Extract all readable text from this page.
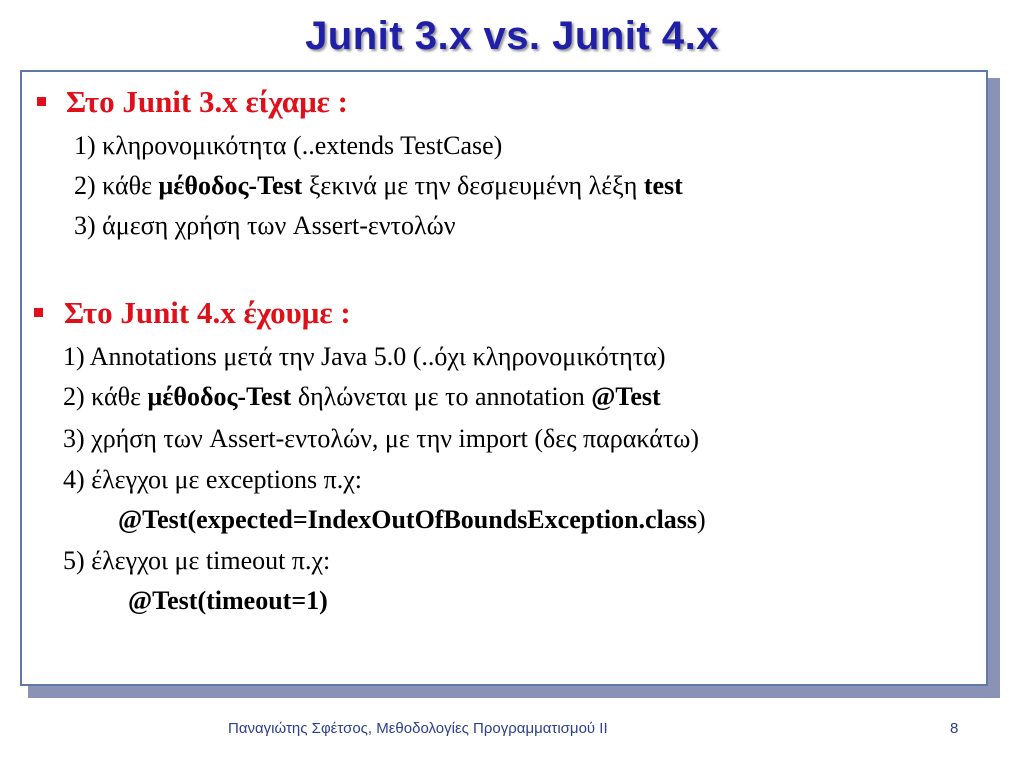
Junit 3.x vs. Junit 4.x
Στο Junit 3.x είχαμε :
1) κληρονομικότητα (..extends TestCase)
2) κάθε μέθοδος-Test ξεκινά με την δεσμευμένη λέξη test
3) άμεση χρήση των Assert-εντολών
Στο Junit 4.x έχουμε :
1) Annotations μετά την Java 5.0 (..όχι κληρονομικότητα)
2) κάθε μέθοδος-Test δηλώνεται με το annotation @Test
3) χρήση των Assert-εντολών, με την import (δες παρακάτω)
4) έλεγχοι με exceptions π.χ:
@Test(expected=IndexOutOfBoundsException.class)
5) έλεγχοι με timeout π.χ:
@Test(timeout=1)
Παναγιώτης Σφέτσος, Μεθοδολογίες Προγραμματισμού ΙΙ	8
